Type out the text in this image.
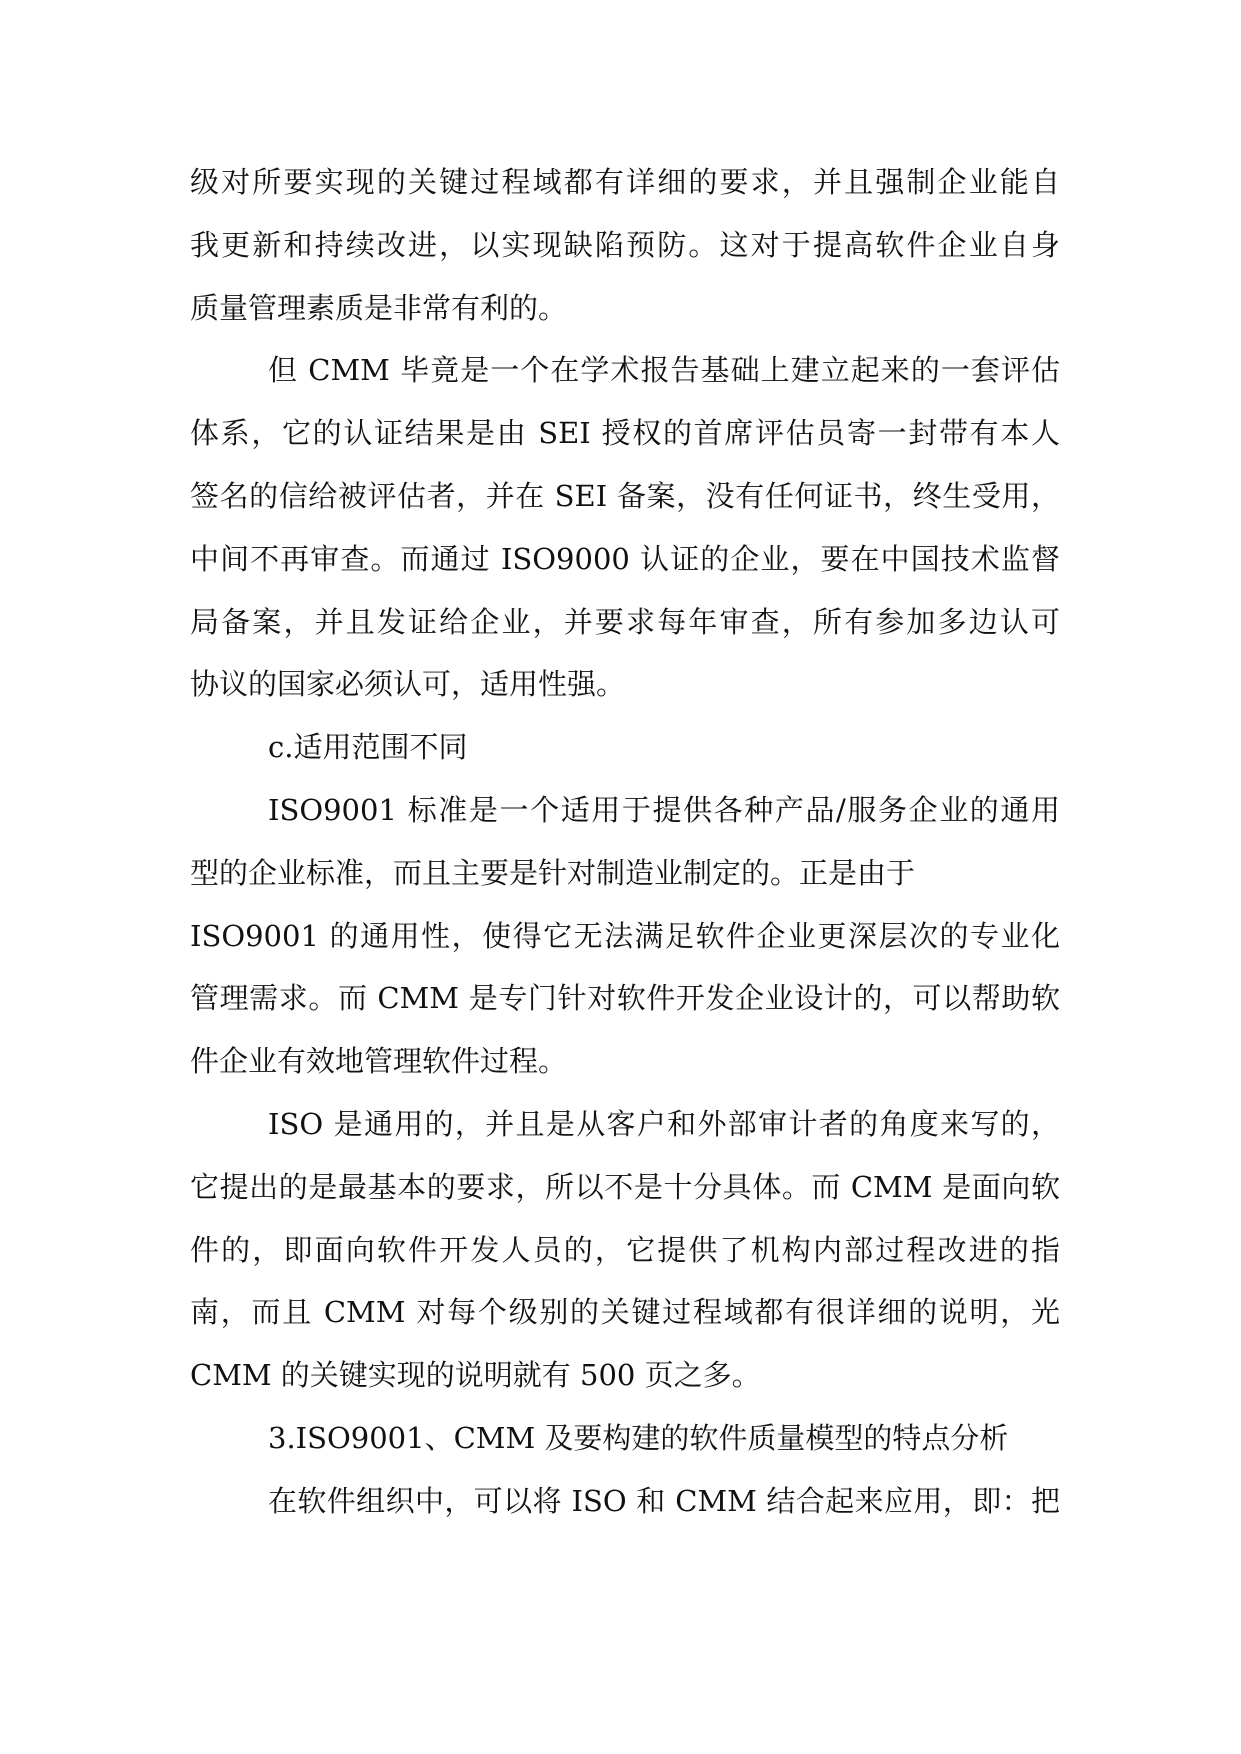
级对所要实现的关键过程域都有详细的要求，并且强制企业能自
我更新和持续改进，以实现缺陷预防。这对于提高软件企业自身
质量管理素质是非常有利的。
但 CMM 毕竟是一个在学术报告基础上建立起来的一套评估
体系，它的认证结果是由 SEI 授权的首席评估员寄一封带有本人
签名的信给被评估者，并在 SEI 备案，没有任何证书，终生受用，
中间不再审查。而通过 ISO9000 认证的企业，要在中国技术监督
局备案，并且发证给企业，并要求每年审查，所有参加多边认可
协议的国家必须认可，适用性强。
c.适用范围不同
ISO9001 标准是一个适用于提供各种产品/服务企业的通用
型的企业标准，而且主要是针对制造业制定的。正是由于
ISO9001 的通用性，使得它无法满足软件企业更深层次的专业化
管理需求。而 CMM 是专门针对软件开发企业设计的，可以帮助软
件企业有效地管理软件过程。
ISO 是通用的，并且是从客户和外部审计者的角度来写的，
它提出的是最基本的要求，所以不是十分具体。而 CMM 是面向软
件的，即面向软件开发人员的，它提供了机构内部过程改进的指
南，而且 CMM 对每个级别的关键过程域都有很详细的说明，光
CMM 的关键实现的说明就有 500 页之多。
3.ISO9001、CMM 及要构建的软件质量模型的特点分析
在软件组织中，可以将 ISO 和 CMM 结合起来应用，即：把
